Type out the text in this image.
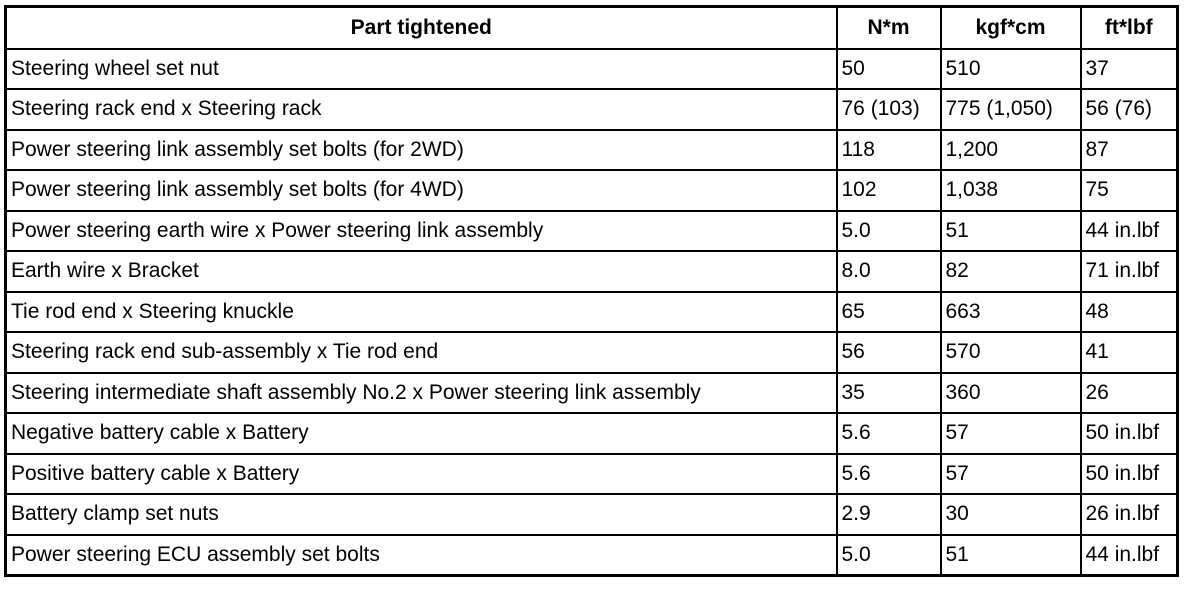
Part tightened	N*m	kgf*cm	ft*lbf
Steering wheel set nut	50	510	37
Steering rack end x Steering rack	76 (103)	775 (1,050)	56 (76)
Power steering link assembly set bolts (for 2WD)	118	1,200	87
Power steering link assembly set bolts (for 4WD)	102	1,038	75
Power steering earth wire x Power steering link assembly	5.0	51	44 in.lbf
Earth wire x Bracket	8.0	82	71 in.lbf
Tie rod end x Steering knuckle	65	663	48
Steering rack end sub-assembly x Tie rod end	56	570	41
Steering intermediate shaft assembly No.2 x Power steering link assembly	35	360	26
Negative battery cable x Battery	5.6	57	50 in.lbf
Positive battery cable x Battery	5.6	57	50 in.lbf
Battery clamp set nuts	2.9	30	26 in.lbf
Power steering ECU assembly set bolts	5.0	51	44 in.lbf
